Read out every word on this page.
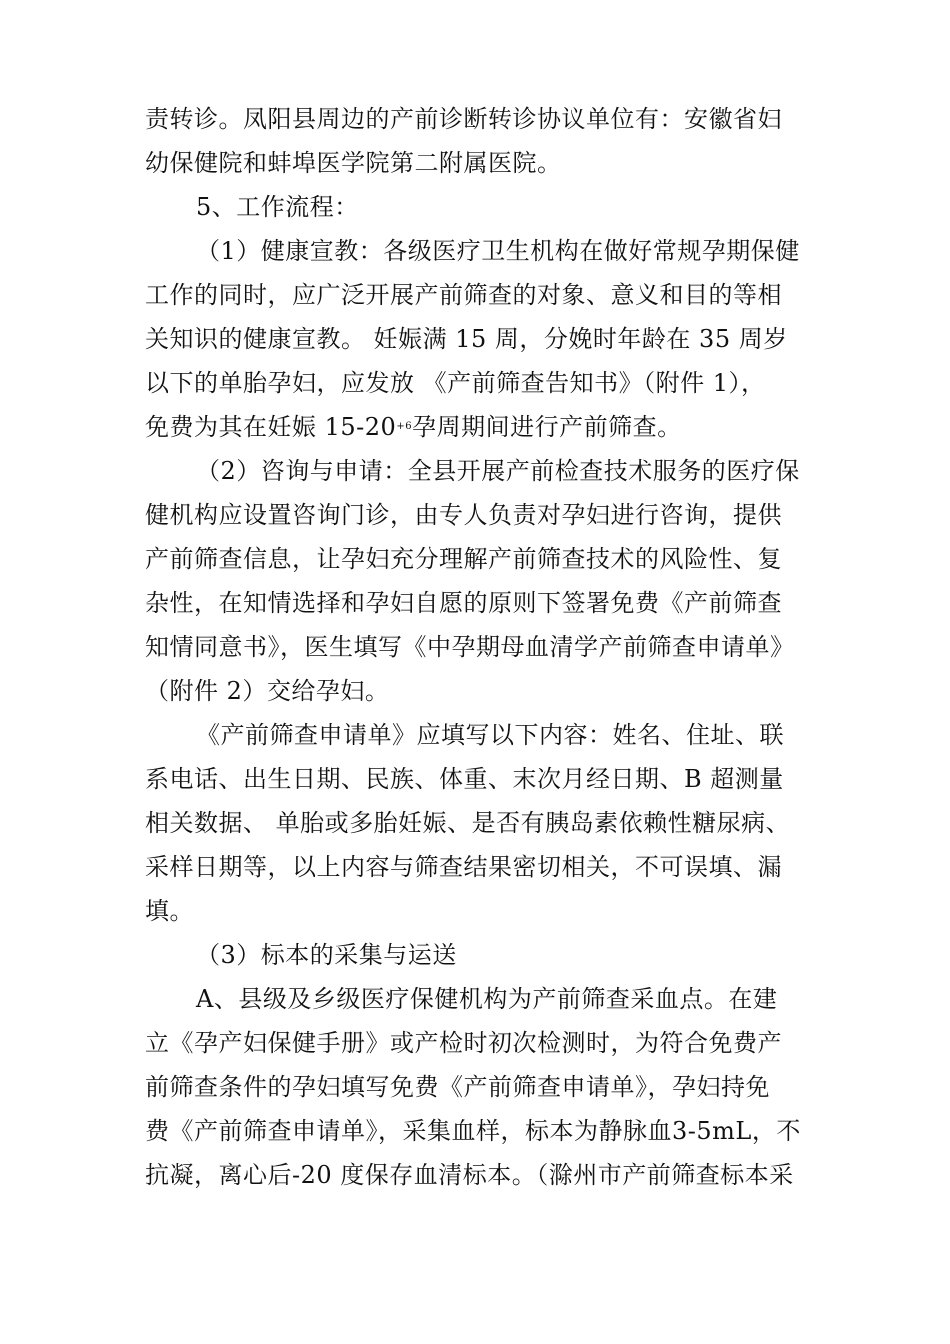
责转诊。凤阳县周边的产前诊断转诊协议单位有：安徽省妇
幼保健院和蚌埠医学院第二附属医院。
5、工作流程：
（1）健康宣教：各级医疗卫生机构在做好常规孕期保健
工作的同时，应广泛开展产前筛查的对象、意义和目的等相
关知识的健康宣教。 妊娠满 15 周，分娩时年龄在 35 周岁
以下的单胎孕妇，应发放 《产前筛查告知书》（附件 1），
免费为其在妊娠 $15-20^{+6}$孕周期间进行产前筛查。
（2）咨询与申请：全县开展产前检查技术服务的医疗保
健机构应设置咨询门诊，由专人负责对孕妇进行咨询，提供
产前筛查信息，让孕妇充分理解产前筛查技术的风险性、复
杂性，在知情选择和孕妇自愿的原则下签署免费《产前筛查
知情同意书》，医生填写《中孕期母血清学产前筛查申请单》
（附件 2）交给孕妇。
《产前筛查申请单》应填写以下内容：姓名、住址、联
系电话、出生日期、民族、体重、末次月经日期、B 超测量
相关数据、 单胎或多胎妊娠、是否有胰岛素依赖性糖尿病、
采样日期等，以上内容与筛查结果密切相关，不可误填、漏
填。
（3）标本的采集与运送
A、县级及乡级医疗保健机构为产前筛查采血点。在建
立《孕产妇保健手册》或产检时初次检测时，为符合免费产
前筛查条件的孕妇填写免费《产前筛查申请单》，孕妇持免
费《产前筛查申请单》，采集血样，标本为静脉血3-5mL，不
抗凝，离心后-20 度保存血清标本。（滁州市产前筛查标本采
